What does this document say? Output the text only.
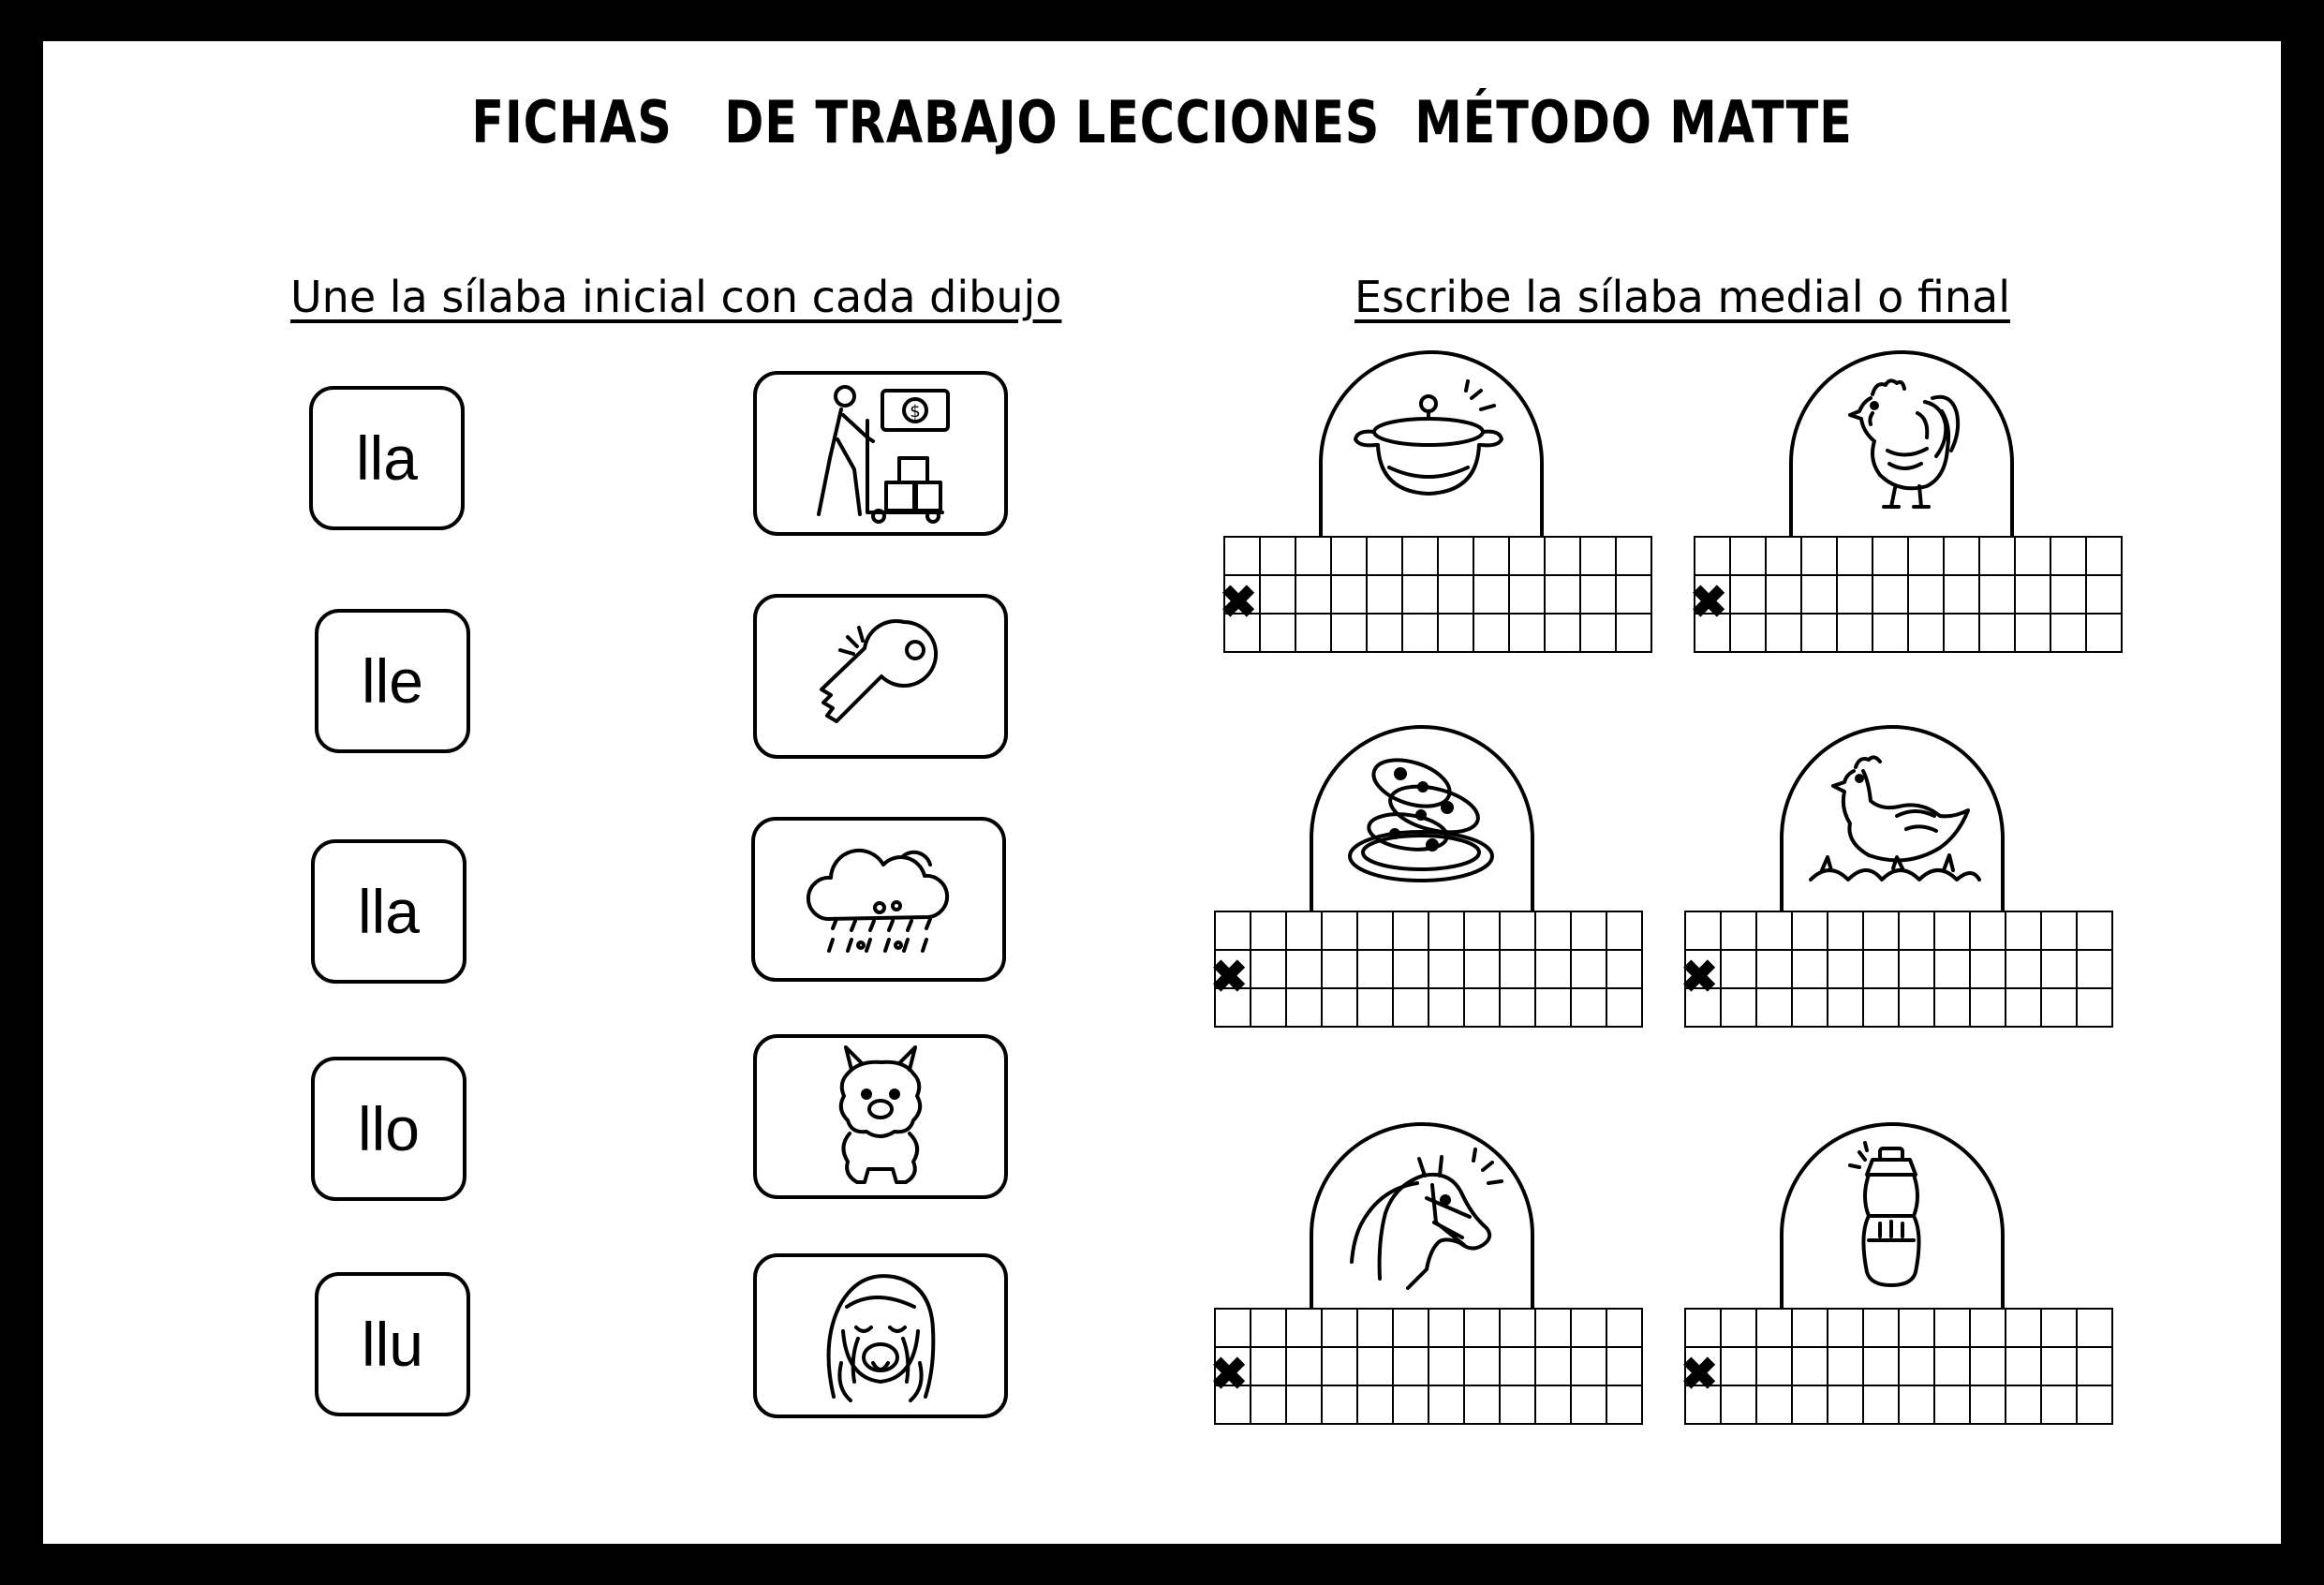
FICHAS   DE TRABAJO LECCIONES  MÉTODO MATTE
Une la sílaba inicial con cada dibujo	Escribe la sílaba medial o final
lla
lle
lla
llo
llu
$
✖	✖
✖	✖
✖	✖
